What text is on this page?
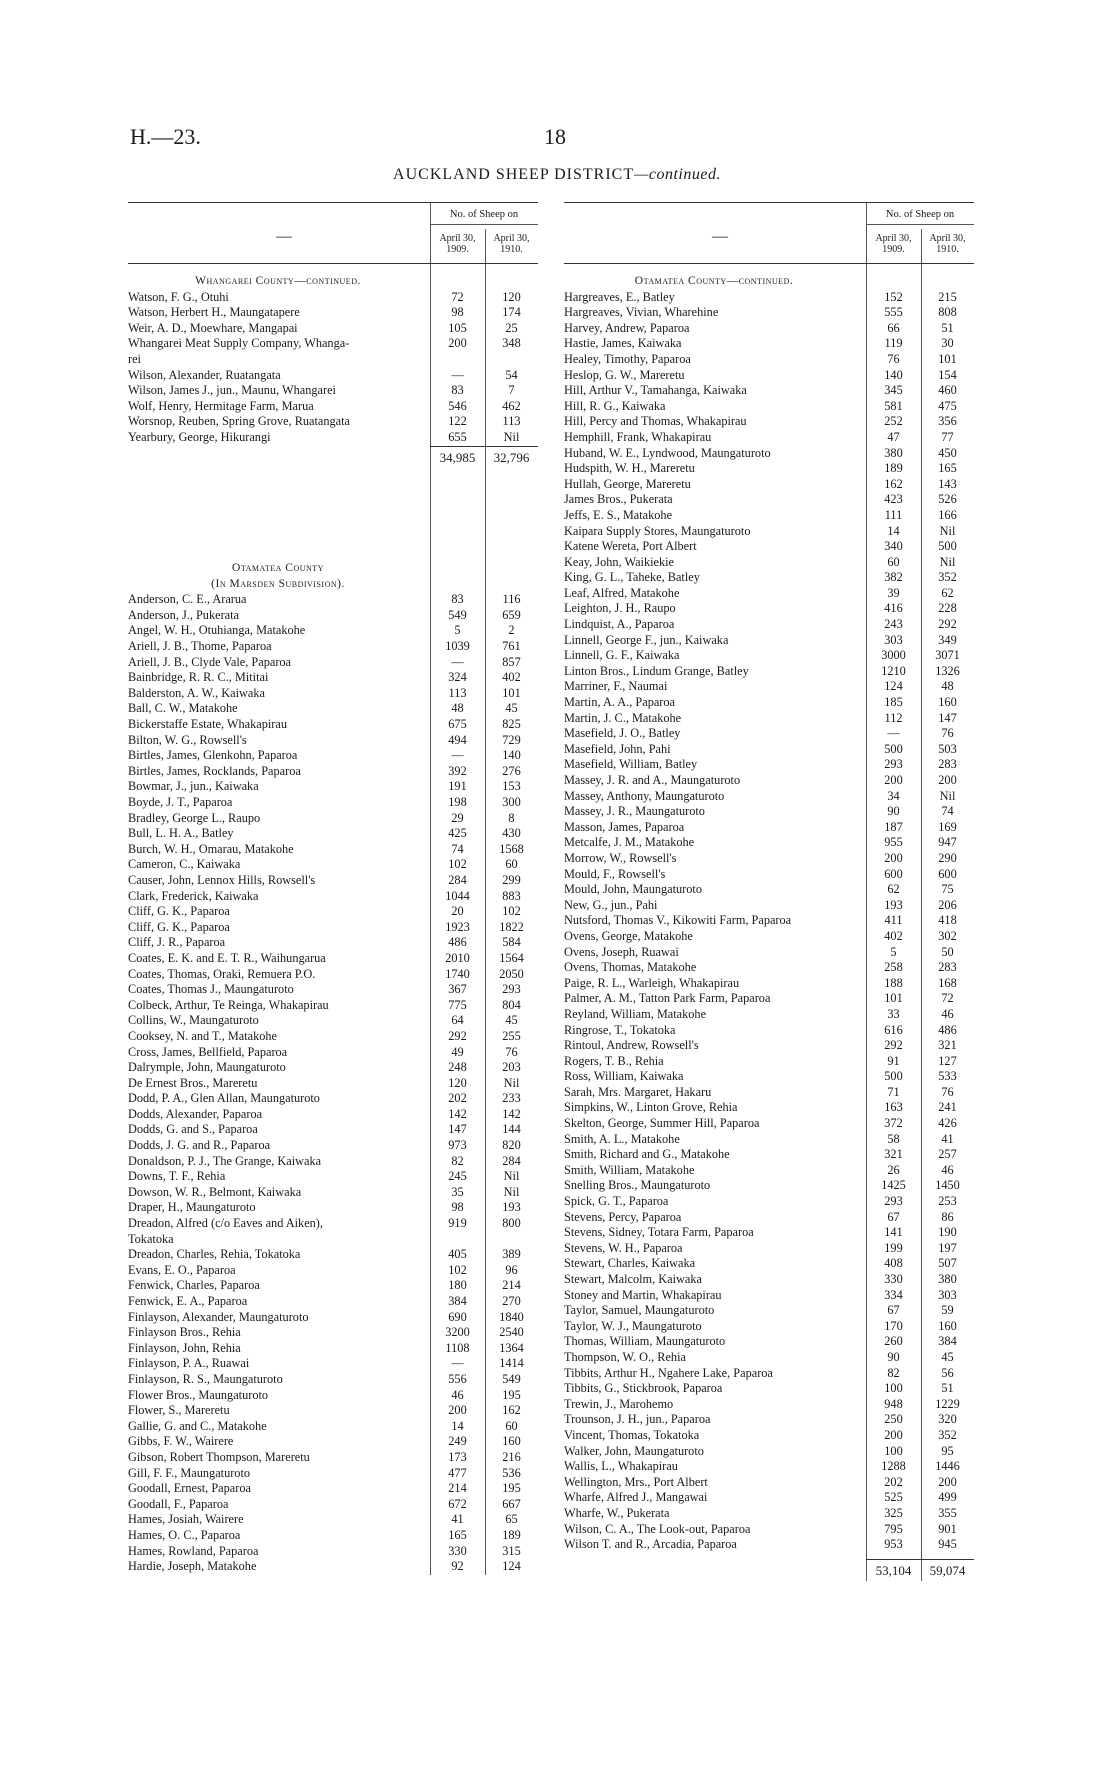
H.—23.	18
AUCKLAND SHEEP DISTRICT—continued.
—
No. of Sheep on
April 30,
1909.
April 30,
1910.
Whangarei County—continued.
Watson, F. G., Otuhi	72	120
Watson, Herbert H., Maungatapere	98	174
Weir, A. D., Moewhare, Mangapai	105	25
Whangarei Meat Supply Company, Whanga-	200	348
rei
Wilson, Alexander, Ruatangata	—	54
Wilson, James J., jun., Maunu, Whangarei	83	7
Wolf, Henry, Hermitage Farm, Marua	546	462
Worsnop, Reuben, Spring Grove, Ruatangata	122	113
Yearbury, George, Hikurangi	655	Nil
34,985	32,796
Otamatea County
(In Marsden Subdivision).
Anderson, C. E., Ararua	83	116
Anderson, J., Pukerata	549	659
Angel, W. H., Otuhianga, Matakohe	5	2
Ariell, J. B., Thome, Paparoa	1039	761
Ariell, J. B., Clyde Vale, Paparoa	—	857
Bainbridge, R. R. C., Mititai	324	402
Balderston, A. W., Kaiwaka	113	101
Ball, C. W., Matakohe	48	45
Bickerstaffe Estate, Whakapirau	675	825
Bilton, W. G., Rowsell's	494	729
Birtles, James, Glenkohn, Paparoa	—	140
Birtles, James, Rocklands, Paparoa	392	276
Bowmar, J., jun., Kaiwaka	191	153
Boyde, J. T., Paparoa	198	300
Bradley, George L., Raupo	29	8
Bull, L. H. A., Batley	425	430
Burch, W. H., Omarau, Matakohe	74	1568
Cameron, C., Kaiwaka	102	60
Causer, John, Lennox Hills, Rowsell's	284	299
Clark, Frederick, Kaiwaka	1044	883
Cliff, G. K., Paparoa	20	102
Cliff, G. K., Paparoa	1923	1822
Cliff, J. R., Paparoa	486	584
Coates, E. K. and E. T. R., Waihungarua	2010	1564
Coates, Thomas, Oraki, Remuera P.O.	1740	2050
Coates, Thomas J., Maungaturoto	367	293
Colbeck, Arthur, Te Reinga, Whakapirau	775	804
Collins, W., Maungaturoto	64	45
Cooksey, N. and T., Matakohe	292	255
Cross, James, Bellfield, Paparoa	49	76
Dalrymple, John, Maungaturoto	248	203
De Ernest Bros., Mareretu	120	Nil
Dodd, P. A., Glen Allan, Maungaturoto	202	233
Dodds, Alexander, Paparoa	142	142
Dodds, G. and S., Paparoa	147	144
Dodds, J. G. and R., Paparoa	973	820
Donaldson, P. J., The Grange, Kaiwaka	82	284
Downs, T. F., Rehia	245	Nil
Dowson, W. R., Belmont, Kaiwaka	35	Nil
Draper, H., Maungaturoto	98	193
Dreadon, Alfred (c/o Eaves and Aiken),	919	800
Tokatoka
Dreadon, Charles, Rehia, Tokatoka	405	389
Evans, E. O., Paparoa	102	96
Fenwick, Charles, Paparoa	180	214
Fenwick, E. A., Paparoa	384	270
Finlayson, Alexander, Maungaturoto	690	1840
Finlayson Bros., Rehia	3200	2540
Finlayson, John, Rehia	1108	1364
Finlayson, P. A., Ruawai	—	1414
Finlayson, R. S., Maungaturoto	556	549
Flower Bros., Maungaturoto	46	195
Flower, S., Mareretu	200	162
Gallie, G. and C., Matakohe	14	60
Gibbs, F. W., Wairere	249	160
Gibson, Robert Thompson, Mareretu	173	216
Gill, F. F., Maungaturoto	477	536
Goodall, Ernest, Paparoa	214	195
Goodall, F., Paparoa	672	667
Hames, Josiah, Wairere	41	65
Hames, O. C., Paparoa	165	189
Hames, Rowland, Paparoa	330	315
Hardie, Joseph, Matakohe	92	124
—
No. of Sheep on
April 30,
1909.
April 30,
1910.
Otamatea County—continued.
Hargreaves, E., Batley	152	215
Hargreaves, Vivian, Wharehine	555	808
Harvey, Andrew, Paparoa	66	51
Hastie, James, Kaiwaka	119	30
Healey, Timothy, Paparoa	76	101
Heslop, G. W., Mareretu	140	154
Hill, Arthur V., Tamahanga, Kaiwaka	345	460
Hill, R. G., Kaiwaka	581	475
Hill, Percy and Thomas, Whakapirau	252	356
Hemphill, Frank, Whakapirau	47	77
Huband, W. E., Lyndwood, Maungaturoto	380	450
Hudspith, W. H., Mareretu	189	165
Hullah, George, Mareretu	162	143
James Bros., Pukerata	423	526
Jeffs, E. S., Matakohe	111	166
Kaipara Supply Stores, Maungaturoto	14	Nil
Katene Wereta, Port Albert	340	500
Keay, John, Waikiekie	60	Nil
King, G. L., Taheke, Batley	382	352
Leaf, Alfred, Matakohe	39	62
Leighton, J. H., Raupo	416	228
Lindquist, A., Paparoa	243	292
Linnell, George F., jun., Kaiwaka	303	349
Linnell, G. F., Kaiwaka	3000	3071
Linton Bros., Lindum Grange, Batley	1210	1326
Marriner, F., Naumai	124	48
Martin, A. A., Paparoa	185	160
Martin, J. C., Matakohe	112	147
Masefield, J. O., Batley	—	76
Masefield, John, Pahi	500	503
Masefield, William, Batley	293	283
Massey, J. R. and A., Maungaturoto	200	200
Massey, Anthony, Maungaturoto	34	Nil
Massey, J. R., Maungaturoto	90	74
Masson, James, Paparoa	187	169
Metcalfe, J. M., Matakohe	955	947
Morrow, W., Rowsell's	200	290
Mould, F., Rowsell's	600	600
Mould, John, Maungaturoto	62	75
New, G., jun., Pahi	193	206
Nutsford, Thomas V., Kikowiti Farm, Paparoa	411	418
Ovens, George, Matakohe	402	302
Ovens, Joseph, Ruawai	5	50
Ovens, Thomas, Matakohe	258	283
Paige, R. L., Warleigh, Whakapirau	188	168
Palmer, A. M., Tatton Park Farm, Paparoa	101	72
Reyland, William, Matakohe	33	46
Ringrose, T., Tokatoka	616	486
Rintoul, Andrew, Rowsell's	292	321
Rogers, T. B., Rehia	91	127
Ross, William, Kaiwaka	500	533
Sarah, Mrs. Margaret, Hakaru	71	76
Simpkins, W., Linton Grove, Rehia	163	241
Skelton, George, Summer Hill, Paparoa	372	426
Smith, A. L., Matakohe	58	41
Smith, Richard and G., Matakohe	321	257
Smith, William, Matakohe	26	46
Snelling Bros., Maungaturoto	1425	1450
Spick, G. T., Paparoa	293	253
Stevens, Percy, Paparoa	67	86
Stevens, Sidney, Totara Farm, Paparoa	141	190
Stevens, W. H., Paparoa	199	197
Stewart, Charles, Kaiwaka	408	507
Stewart, Malcolm, Kaiwaka	330	380
Stoney and Martin, Whakapirau	334	303
Taylor, Samuel, Maungaturoto	67	59
Taylor, W. J., Maungaturoto	170	160
Thomas, William, Maungaturoto	260	384
Thompson, W. O., Rehia	90	45
Tibbits, Arthur H., Ngahere Lake, Paparoa	82	56
Tibbits, G., Stickbrook, Paparoa	100	51
Trewin, J., Marohemo	948	1229
Trounson, J. H., jun., Paparoa	250	320
Vincent, Thomas, Tokatoka	200	352
Walker, John, Maungaturoto	100	95
Wallis, L., Whakapirau	1288	1446
Wellington, Mrs., Port Albert	202	200
Wharfe, Alfred J., Mangawai	525	499
Wharfe, W., Pukerata	325	355
Wilson, C. A., The Look-out, Paparoa	795	901
Wilson T. and R., Arcadia, Paparoa	953	945
53,104	59,074
